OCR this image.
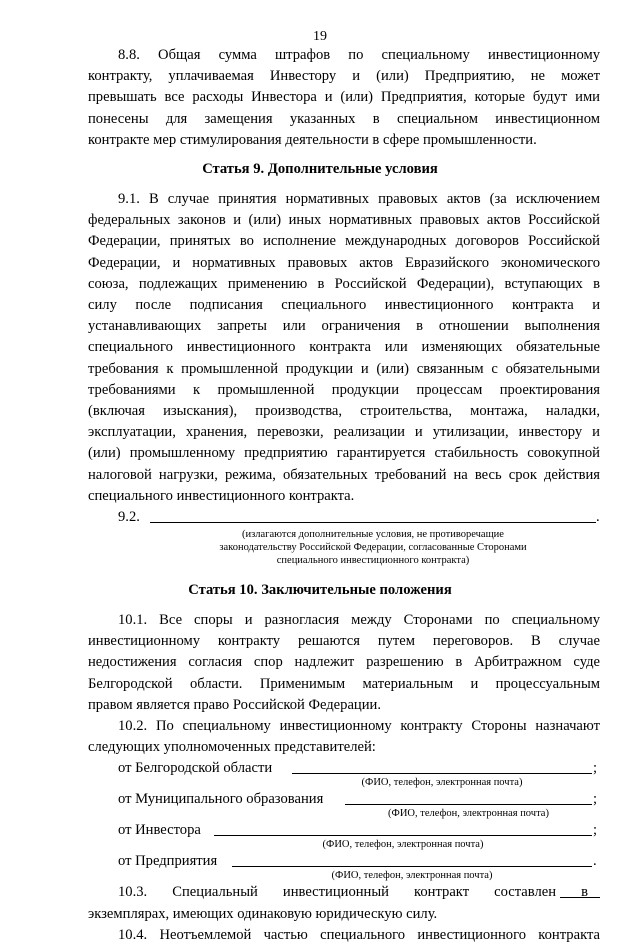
19
8.8. Общая сумма штрафов по специальному инвестиционному
контракту, уплачиваемая Инвестору и (или) Предприятию, не может
превышать все расходы Инвестора и (или) Предприятия, которые будут ими
понесены для замещения указанных в специальном инвестиционном
контракте мер стимулирования деятельности в сфере промышленности.
Статья 9. Дополнительные условия
9.1. В случае принятия нормативных правовых актов (за исключением
федеральных законов и (или) иных нормативных правовых актов Российской
Федерации, принятых во исполнение международных договоров Российской
Федерации, и нормативных правовых актов Евразийского экономического
союза, подлежащих применению в Российской Федерации), вступающих в
силу после подписания специального инвестиционного контракта и
устанавливающих запреты или ограничения в отношении выполнения
специального инвестиционного контракта или изменяющих обязательные
требования к промышленной продукции и (или) связанным с обязательными
требованиями к промышленной продукции процессам проектирования
(включая изыскания), производства, строительства, монтажа, наладки,
эксплуатации, хранения, перевозки, реализации и утилизации, инвестору и
(или) промышленному предприятию гарантируется стабильность совокупной
налоговой нагрузки, режима, обязательных требований на весь срок действия
специального инвестиционного контракта.
9.2.	.
(излагаются дополнительные условия, не противоречащие
законодательству Российской Федерации, согласованные Сторонами
специального инвестиционного контракта)
Статья 10. Заключительные положения
10.1. Все споры и разногласия между Сторонами по специальному
инвестиционному контракту решаются путем переговоров. В случае
недостижения согласия спор надлежит разрешению в Арбитражном суде
Белгородской области. Применимым материальным и процессуальным
правом является право Российской Федерации.
10.2. По специальному инвестиционному контракту Стороны назначают
следующих уполномоченных представителей:
от Белгородской области	;
(ФИО, телефон, электронная почта)
от Муниципального образования	;
(ФИО, телефон, электронная почта)
от Инвестора	;
(ФИО, телефон, электронная почта)
от Предприятия	.
(ФИО, телефон, электронная почта)
10.3. Специальный инвестиционный контракт составлен в
экземплярах, имеющих одинаковую юридическую силу.
10.4. Неотъемлемой частью специального инвестиционного контракта
